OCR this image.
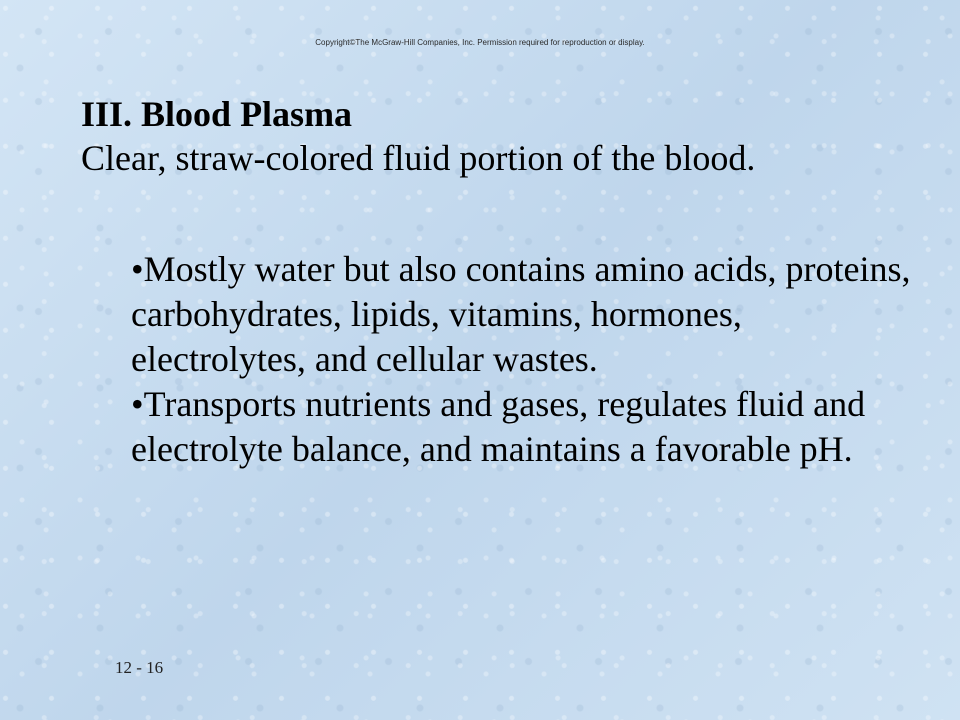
Copyright©The McGraw-Hill Companies, Inc. Permission required for reproduction or display.
III. Blood Plasma
Clear, straw-colored fluid portion of the blood.
•Mostly water but also contains amino acids, proteins, carbohydrates, lipids, vitamins, hormones, electrolytes, and cellular wastes.
•Transports nutrients and gases, regulates fluid and electrolyte balance, and maintains a favorable pH.
12 - 16
